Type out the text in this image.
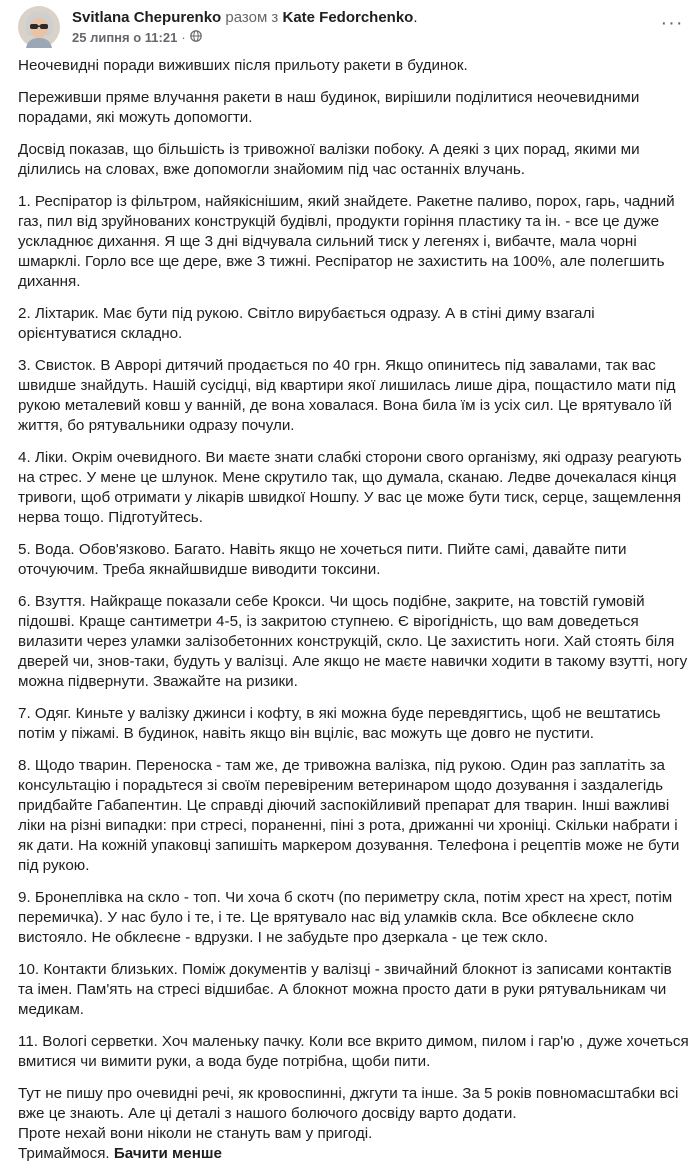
Svitlana Chepurenko разом з Kate Fedorchenko.
25 липня о 11:21 ·
···

Неочевидні поради виживших після прильоту ракети в будинок.

Переживши пряме влучання ракети в наш будинок, вирішили поділитися неочевидними порадами, які можуть допомогти.

Досвід показав, що більшість із тривожної валізки побоку. А деякі з цих порад, якими ми ділились на словах, вже допомогли знайомим під час останніх влучань.

1. Респіратор із фільтром, найякіснішим, який знайдете. Ракетне паливо, порох, гарь, чадний газ, пил від зруйнованих конструкцій будівлі, продукти горіння пластику та ін. - все це дуже ускладнює дихання. Я ще 3 дні відчувала сильний тиск у легенях і, вибачте, мала чорні шмарклі. Горло все ще дере, вже 3 тижні. Респіратор не захистить на 100%, але полегшить дихання.

2. Ліхтарик. Має бути під рукою. Світло вирубається одразу. А в стіні диму взагалі орієнтуватися складно.

3. Свисток. В Аврорі дитячий продається по 40 грн. Якщо опинитесь під завалами, так вас швидше знайдуть. Нашій сусідці, від квартири якої лишилась лише діра, пощастило мати під рукою металевий ковш у ванній, де вона ховалася. Вона била їм із усіх сил. Це врятувало їй життя, бо рятувальники одразу почули.

4. Ліки. Окрім очевидного. Ви маєте знати слабкі сторони свого організму, які одразу реагують на стрес. У мене це шлунок. Мене скрутило так, що думала, сканаю. Ледве дочекалася кінця тривоги, щоб отримати у лікарів швидкої Ношпу. У вас це може бути тиск, серце, защемлення нерва тощо. Підготуйтесь.

5. Вода. Обов'язково. Багато. Навіть якщо не хочеться пити. Пийте самі, давайте пити оточуючим. Треба якнайшвидше виводити токсини.

6. Взуття. Найкраще показали себе Крокси. Чи щось подібне, закрите, на товстій гумовій підошві. Краще сантиметри 4-5, із закритою ступнею. Є вірогідність, що вам доведеться вилазити через уламки залізобетонних конструкцій, скло. Це захистить ноги. Хай стоять біля дверей чи, знов-таки, будуть у валізці. Але якщо не маєте навички ходити в такому взутті, ногу можна підвернути. Зважайте на ризики.

7. Одяг. Киньте у валізку джинси і кофту, в які можна буде перевдягтись, щоб не вештатись потім у піжамі. В будинок, навіть якщо він вціліє, вас можуть ще довго не пустити.

8. Щодо тварин. Переноска - там же, де тривожна валізка, під рукою. Один раз заплатіть за консультацію і порадьтеся зі своїм перевіреним ветеринаром щодо дозування і заздалегідь придбайте Габапентин. Це справді діючий заспокійливий препарат для тварин. Інші важливі ліки на різні випадки: при стресі, пораненні, піні з рота, дрижанні чи хроніці. Скільки набрати і як дати. На кожній упаковці запишіть маркером дозування. Телефона і рецептів може не бути під рукою.

9. Бронеплівка на скло - топ. Чи хоча б скотч (по периметру скла, потім хрест на хрест, потім перемичка). У нас було і те, і те. Це врятувало нас від уламків скла. Все обклеєне скло вистояло. Не обклеєне - вдрузки. І не забудьте про дзеркала - це теж скло.

10. Контакти близьких. Поміж документів у валізці - звичайний блокнот із записами контактів та імен. Пам'ять на стресі відшибає. А блокнот можна просто дати в руки рятувальникам чи медикам.

11. Вологі серветки. Хоч маленьку пачку. Коли все вкрито димом, пилом і гар'ю , дуже хочеться вмитися чи вимити руки, а вода буде потрібна, щоби пити.

Тут не пишу про очевидні речі, як кровоспинні, джгути та інше. За 5 років повномасштабки всі вже це знають. Але ці деталі з нашого болючого досвіду варто додати.

Проте нехай вони ніколи не стануть вам у пригоді.

Тримаймося. Бачити менше
